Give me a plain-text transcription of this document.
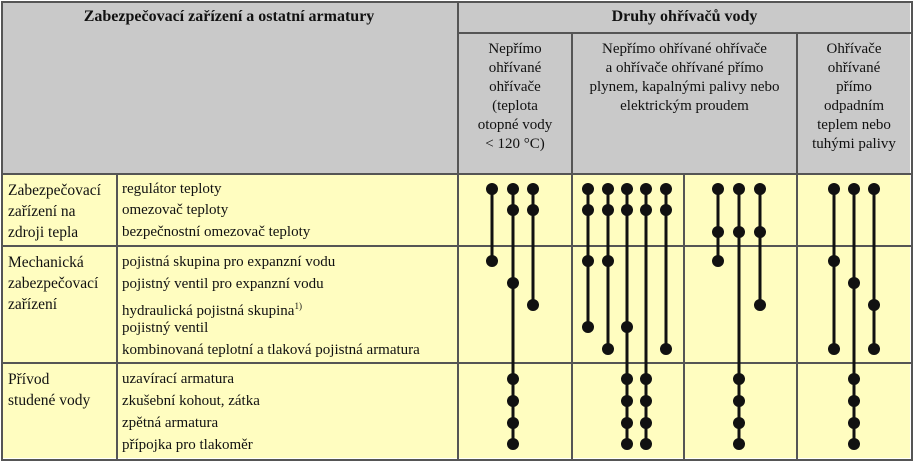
Zabezpečovací zařízení a ostatní armatury	Druhy ohřívačů vody
Nepřímo
ohřívané
ohřívače
(teplota
otopné vody
< 120 °C)
Nepřímo ohřívané ohřívače
a ohřívače ohřívané přímo
plynem, kapalnými palivy nebo
elektrickým proudem
Ohřívače
ohřívané
přímo
odpadním
teplem nebo
tuhými palivy
Zabezpečovací
zařízení na
zdroji tepla
Mechanická
zabezpečovací
zařízení
Přívod
studené vody
regulátor teploty
omezovač teploty
bezpečnostní omezovač teploty
pojistná skupina pro expanzní vodu
pojistný ventil pro expanzní vodu
hydraulická pojistná skupina$^{1)}$
pojistný ventil
kombinovaná teplotní a tlaková pojistná armatura
uzavírací armatura
zkušební kohout, zátka
zpětná armatura
přípojka pro tlakoměr
